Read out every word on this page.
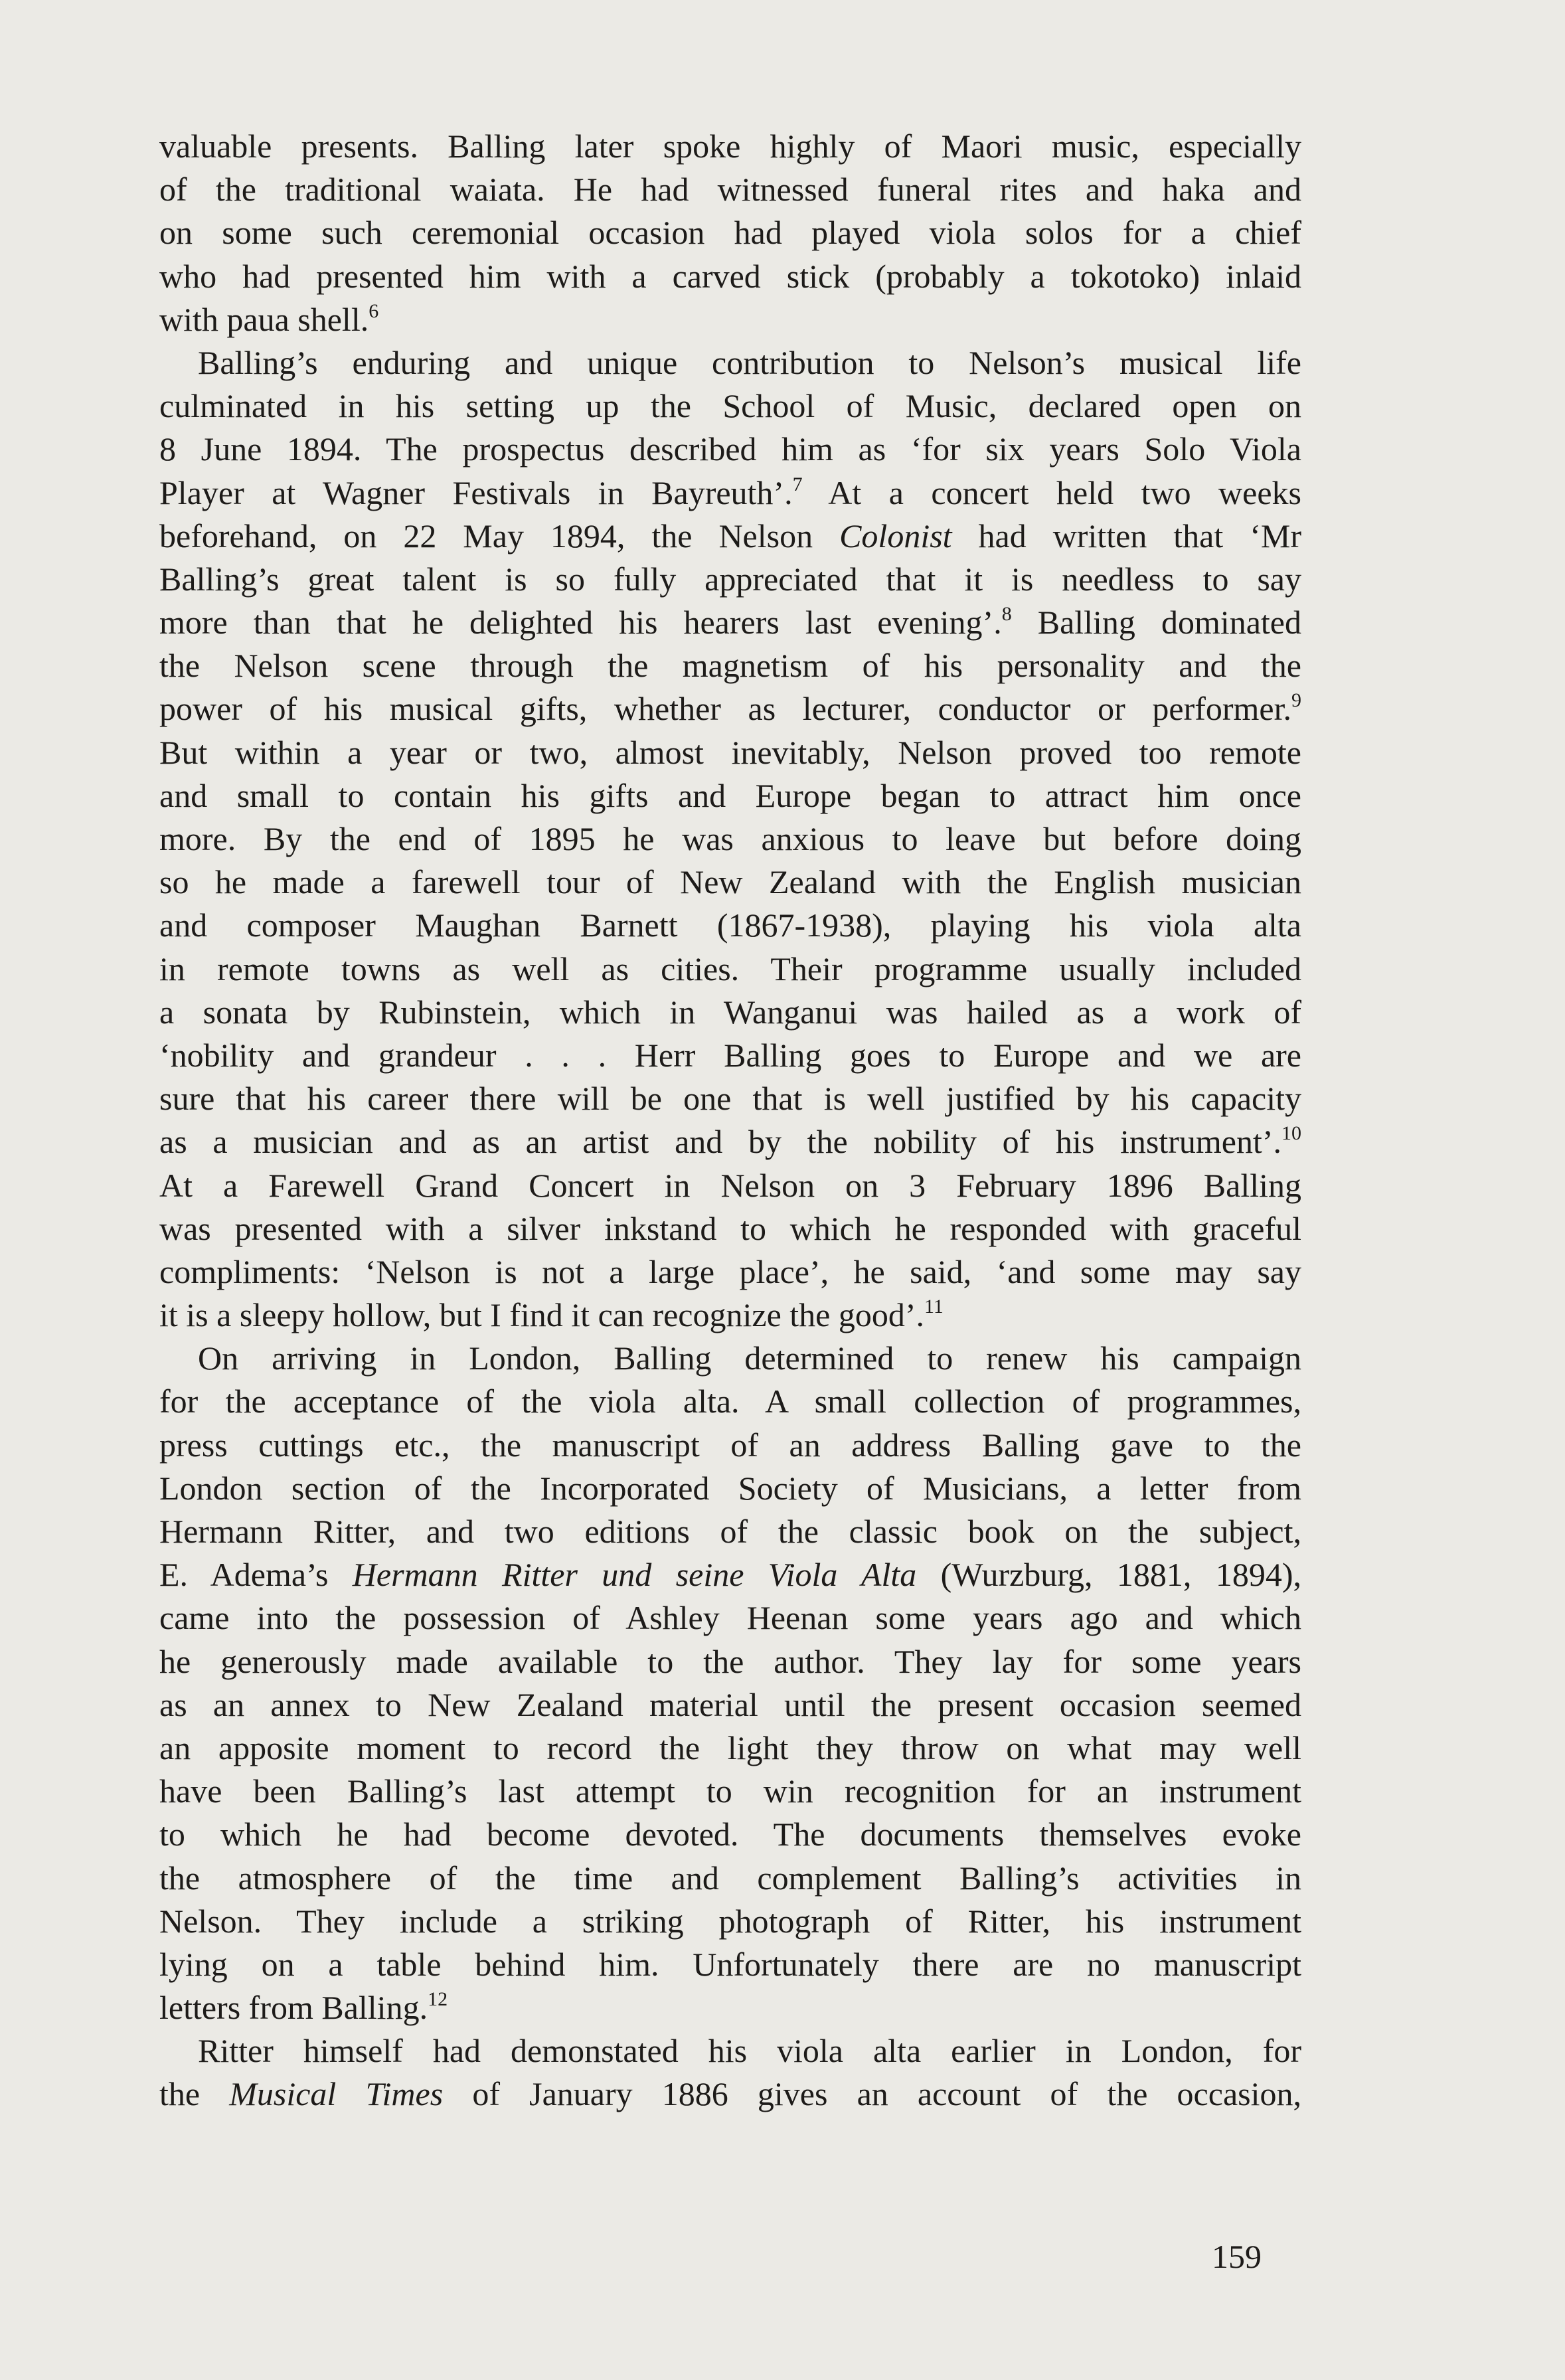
valuable presents. Balling later spoke highly of Maori music, especially
of the traditional waiata. He had witnessed funeral rites and haka and
on some such ceremonial occasion had played viola solos for a chief
who had presented him with a carved stick (probably a tokotoko) inlaid
with paua shell.$^6$
Balling’s enduring and unique contribution to Nelson’s musical life
culminated in his setting up the School of Music, declared open on
8 June 1894. The prospectus described him as ‘for six years Solo Viola
Player at Wagner Festivals in Bayreuth’.$^7$ At a concert held two weeks
beforehand, on 22 May 1894, the Nelson Colonist had written that ‘Mr
Balling’s great talent is so fully appreciated that it is needless to say
more than that he delighted his hearers last evening’.$^8$ Balling dominated
the Nelson scene through the magnetism of his personality and the
power of his musical gifts, whether as lecturer, conductor or performer.$^9$
But within a year or two, almost inevitably, Nelson proved too remote
and small to contain his gifts and Europe began to attract him once
more. By the end of 1895 he was anxious to leave but before doing
so he made a farewell tour of New Zealand with the English musician
and composer Maughan Barnett (1867-1938), playing his viola alta
in remote towns as well as cities. Their programme usually included
a sonata by Rubinstein, which in Wanganui was hailed as a work of
‘nobility and grandeur . . . Herr Balling goes to Europe and we are
sure that his career there will be one that is well justified by his capacity
as a musician and as an artist and by the nobility of his instrument’.$^{10}$
At a Farewell Grand Concert in Nelson on 3 February 1896 Balling
was presented with a silver inkstand to which he responded with graceful
compliments: ‘Nelson is not a large place’, he said, ‘and some may say
it is a sleepy hollow, but I find it can recognize the good’.$^{11}$
On arriving in London, Balling determined to renew his campaign
for the acceptance of the viola alta. A small collection of programmes,
press cuttings etc., the manuscript of an address Balling gave to the
London section of the Incorporated Society of Musicians, a letter from
Hermann Ritter, and two editions of the classic book on the subject,
E. Adema’s Hermann Ritter und seine Viola Alta (Wurzburg, 1881, 1894),
came into the possession of Ashley Heenan some years ago and which
he generously made available to the author. They lay for some years
as an annex to New Zealand material until the present occasion seemed
an apposite moment to record the light they throw on what may well
have been Balling’s last attempt to win recognition for an instrument
to which he had become devoted. The documents themselves evoke
the atmosphere of the time and complement Balling’s activities in
Nelson. They include a striking photograph of Ritter, his instrument
lying on a table behind him. Unfortunately there are no manuscript
letters from Balling.$^{12}$
Ritter himself had demonstated his viola alta earlier in London, for
the Musical Times of January 1886 gives an account of the occasion,
159
